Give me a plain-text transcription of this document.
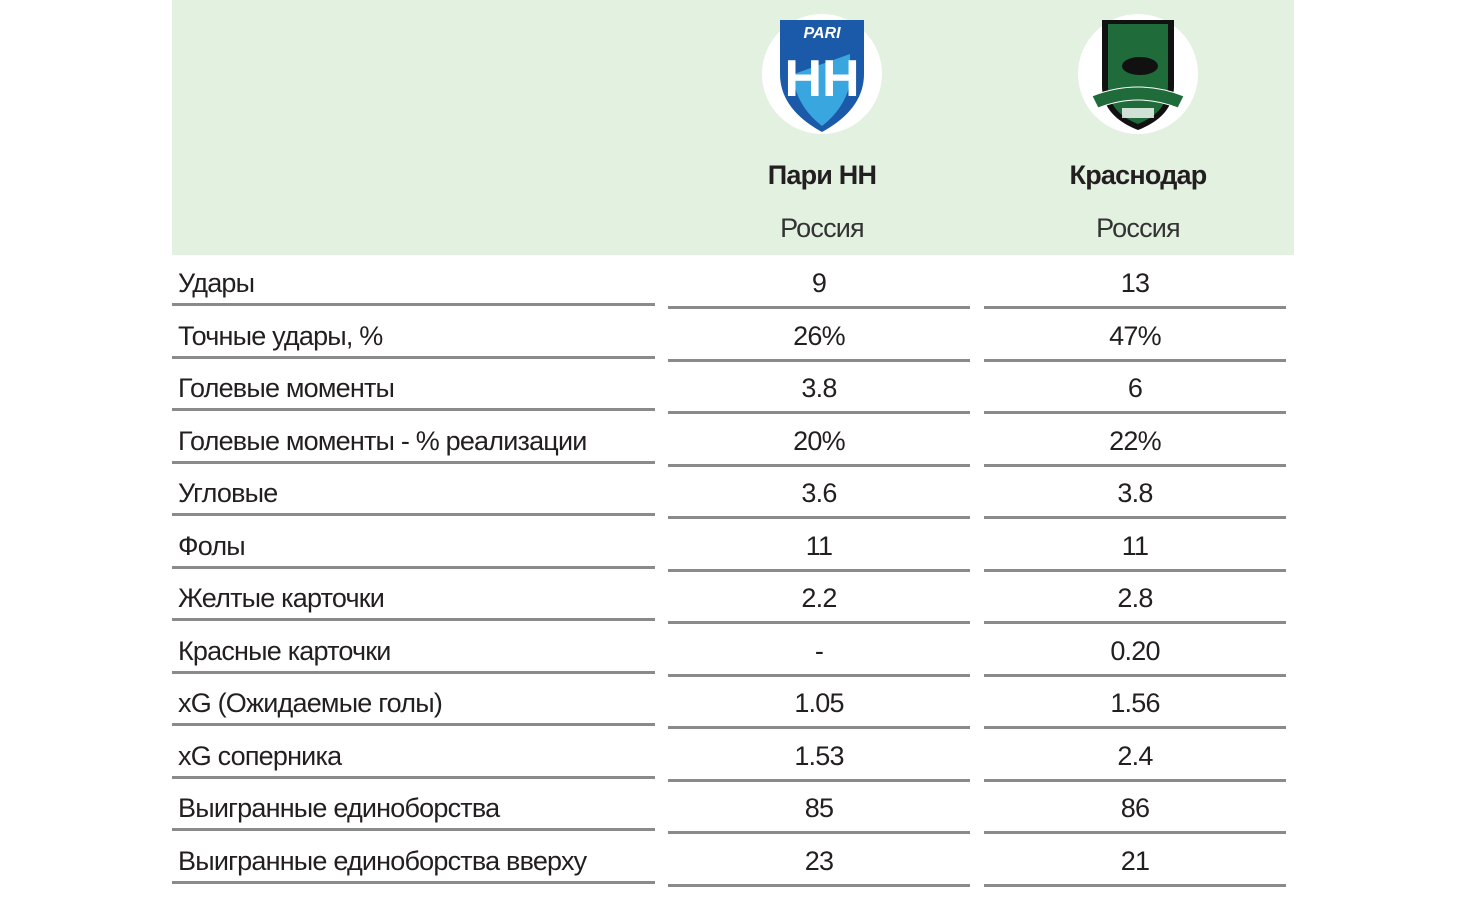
PARI
НН
Пари НН
Россия
Краснодар
Россия
Удары	9	13
Точные удары, %	26%	47%
Голевые моменты	3.8	6
Голевые моменты - % реализации	20%	22%
Угловые	3.6	3.8
Фолы	11	11
Желтые карточки	2.2	2.8
Красные карточки	-	0.20
xG (Ожидаемые голы)	1.05	1.56
xG соперника	1.53	2.4
Выигранные единоборства	85	86
Выигранные единоборства вверху	23	21
